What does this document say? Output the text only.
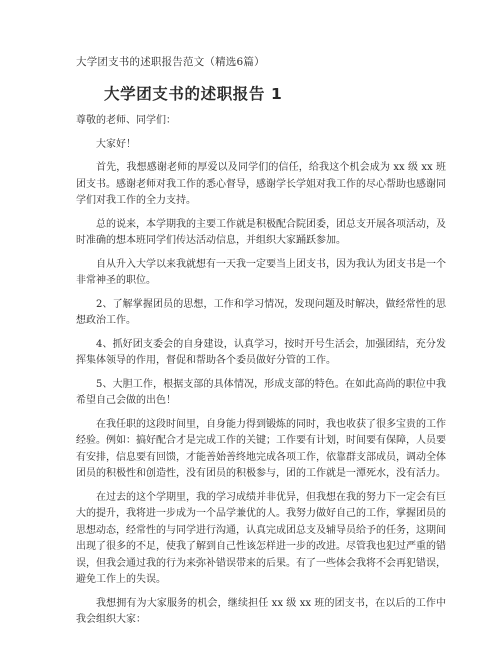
大学团支书的述职报告范文（精选6篇）
大学团支书的述职报告 1

尊敬的老师、同学们：

大家好！

首先，我想感谢老师的厚爱以及同学们的信任，给我这个机会成为 xx 级 xx 班团支书。感谢老师对我工作的悉心督导，感谢学长学姐对我工作的尽心帮助也感谢同学们对我工作的全力支持。

总的说来，本学期我的主要工作就是积极配合院团委，团总支开展各项活动，及时准确的想本班同学们传达活动信息，并组织大家踊跃参加。

自从升入大学以来我就想有一天我一定要当上团支书，因为我认为团支书是一个非常神圣的职位。

2、了解掌握团员的思想，工作和学习情况，发现问题及时解决，做经常性的思想政治工作。

4、抓好团支委会的自身建设，认真学习，按时开号生活会，加强团结，充分发挥集体领导的作用，督促和帮助各个委员做好分管的工作。

5、大胆工作，根据支部的具体情况，形成支部的特色。在如此高尚的职位中我希望自己会做的出色！

在我任职的这段时间里，自身能力得到锻炼的同时，我也收获了很多宝贵的工作经验。例如：搞好配合才是完成工作的关键；工作要有计划，时间要有保障，人员要有安排，信息要有回馈，才能善始善终地完成各项工作，依靠群支部成员，调动全体团员的积极性和创造性，没有团员的积极参与，团的工作就是一潭死水，没有活力。

在过去的这个学期里，我的学习成绩并非优异，但我想在我的努力下一定会有巨大的提升，我将进一步成为一个品学兼优的人。我努力做好自己的工作，掌握团员的思想动态，经常性的与同学进行沟通，认真完成团总支及辅导员给予的任务，这期间出现了很多的不足，使我了解到自己性该怎样进一步的改进。尽管我也犯过严重的错误，但我会通过我的行为来弥补错误带来的后果。有了一些体会我将不会再犯错误，避免工作上的失误。

我想拥有为大家服务的机会，继续担任 xx 级 xx 班的团支书，在以后的工作中我会组织大家：
